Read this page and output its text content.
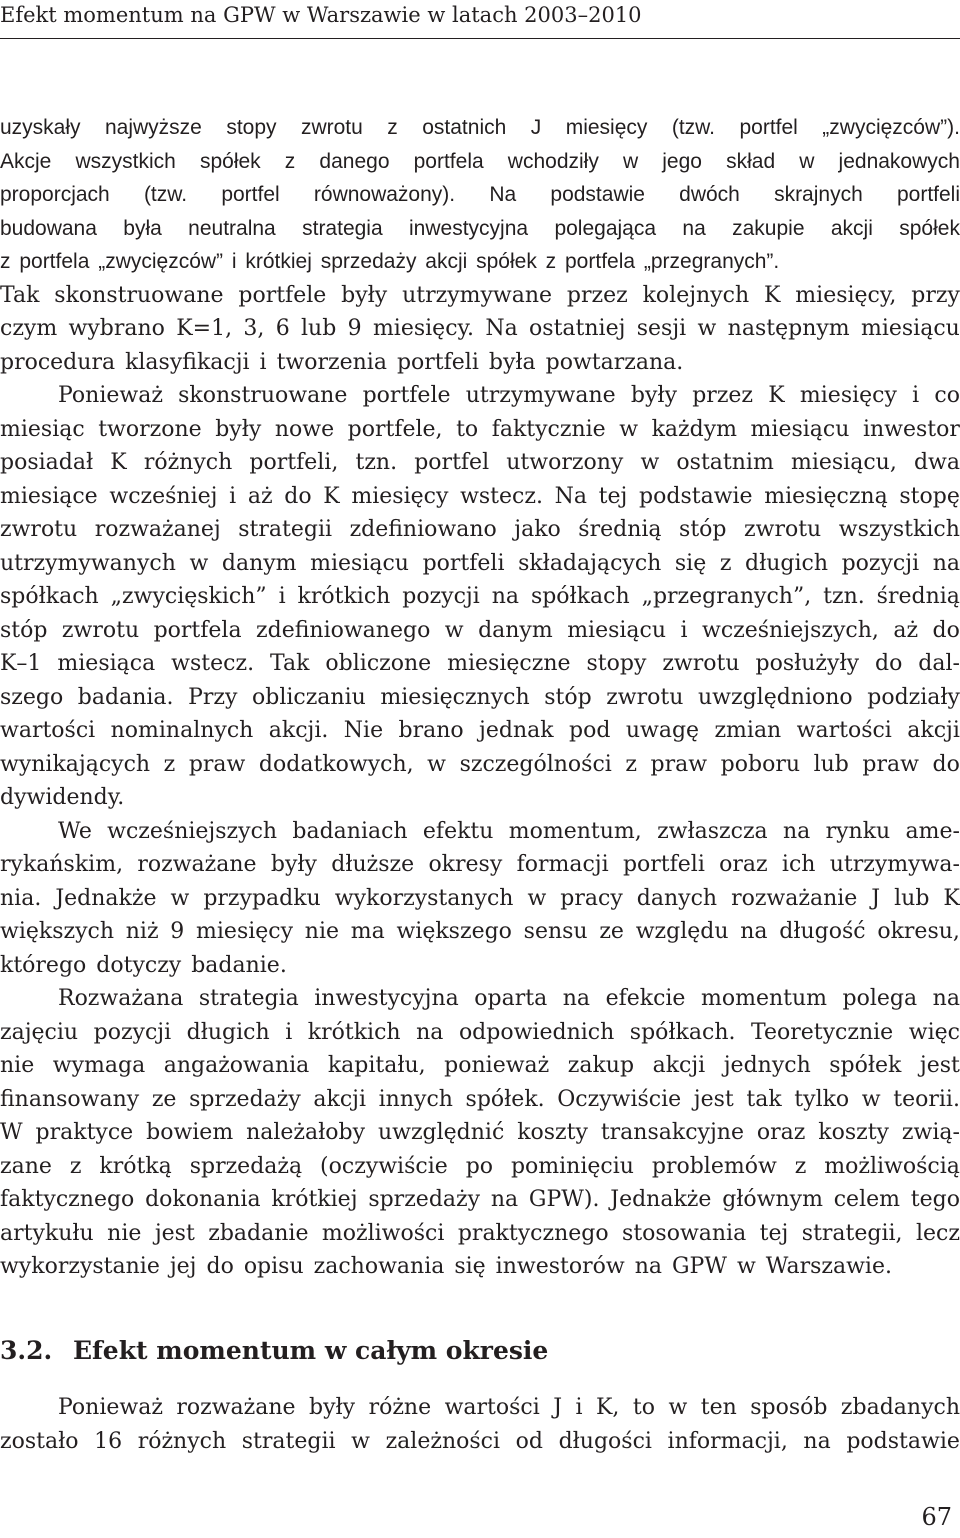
Efekt momentum na GPW w Warszawie w latach 2003–2010
uzyskały najwyższe stopy zwrotu z ostatnich J miesięcy (tzw. portfel „zwycięzców”).
Akcje wszystkich spółek z danego portfela wchodziły w jego skład w jednakowych
proporcjach (tzw. portfel równoważony). Na podstawie dwóch skrajnych portfeli
budowana była neutralna strategia inwestycyjna polegająca na zakupie akcji spółek
z portfela „zwycięzców” i krótkiej sprzedaży akcji spółek z portfela „przegranych”.
Tak skonstruowane portfele były utrzymywane przez kolejnych K miesięcy, przy
czym wybrano K=1, 3, 6 lub 9 miesięcy. Na ostatniej sesji w następnym miesiącu
procedura klasyfikacji i tworzenia portfeli była powtarzana.
Ponieważ skonstruowane portfele utrzymywane były przez K miesięcy i co
miesiąc tworzone były nowe portfele, to faktycznie w każdym miesiącu inwestor
posiadał K różnych portfeli, tzn. portfel utworzony w ostatnim miesiącu, dwa
miesiące wcześniej i aż do K miesięcy wstecz. Na tej podstawie miesięczną stopę
zwrotu rozważanej strategii zdefiniowano jako średnią stóp zwrotu wszystkich
utrzymywanych w danym miesiącu portfeli składających się z długich pozycji na
spółkach „zwycięskich” i krótkich pozycji na spółkach „przegranych”, tzn. średnią
stóp zwrotu portfela zdefiniowanego w danym miesiącu i wcześniejszych, aż do
K–1 miesiąca wstecz. Tak obliczone miesięczne stopy zwrotu posłużyły do dal-
szego badania. Przy obliczaniu miesięcznych stóp zwrotu uwzględniono podziały
wartości nominalnych akcji. Nie brano jednak pod uwagę zmian wartości akcji
wynikających z praw dodatkowych, w szczególności z praw poboru lub praw do
dywidendy.
We wcześniejszych badaniach efektu momentum, zwłaszcza na rynku ame-
rykańskim, rozważane były dłuższe okresy formacji portfeli oraz ich utrzymywa-
nia. Jednakże w przypadku wykorzystanych w pracy danych rozważanie J lub K
większych niż 9 miesięcy nie ma większego sensu ze względu na długość okresu,
którego dotyczy badanie.
Rozważana strategia inwestycyjna oparta na efekcie momentum polega na
zajęciu pozycji długich i krótkich na odpowiednich spółkach. Teoretycznie więc
nie wymaga angażowania kapitału, ponieważ zakup akcji jednych spółek jest
finansowany ze sprzedaży akcji innych spółek. Oczywiście jest tak tylko w teorii.
W praktyce bowiem należałoby uwzględnić koszty transakcyjne oraz koszty zwią-
zane z krótką sprzedażą (oczywiście po pominięciu problemów z możliwością
faktycznego dokonania krótkiej sprzedaży na GPW). Jednakże głównym celem tego
artykułu nie jest zbadanie możliwości praktycznego stosowania tej strategii, lecz
wykorzystanie jej do opisu zachowania się inwestorów na GPW w Warszawie.
3.2. Efekt momentum w całym okresie
Ponieważ rozważane były różne wartości J i K, to w ten sposób zbadanych
zostało 16 różnych strategii w zależności od długości informacji, na podstawie
67
